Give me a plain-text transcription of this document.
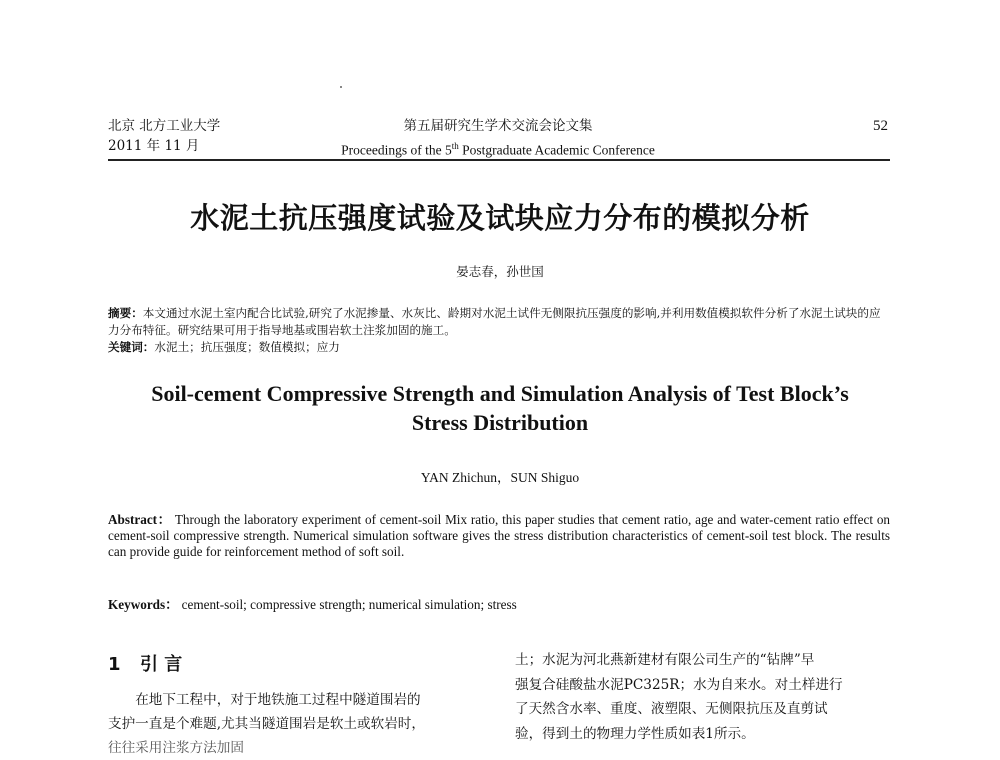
北京 北方工业大学
2011 年 11 月
第五届研究生学术交流会论文集
Proceedings of the 5th Postgraduate Academic Conference
52
水泥土抗压强度试验及试块应力分布的模拟分析
晏志春，孙世国
摘要：本文通过水泥土室内配合比试验,研究了水泥掺量、水灰比、龄期对水泥土试件无侧限抗压强度的影响,并利用数值模拟软件分析了水泥土试块的应力分布特征。研究结果可用于指导地基或围岩软土注浆加固的施工。
关键词：水泥土；抗压强度；数值模拟；应力
Soil-cement Compressive Strength and Simulation Analysis of Test Block’s
Stress Distribution
YAN Zhichun，SUN Shiguo
Abstract： Through the laboratory experiment of cement-soil Mix ratio, this paper studies that cement ratio, age and water-cement ratio effect on cement-soil compressive strength. Numerical simulation software gives the stress distribution characteristics of cement-soil test block. The results can provide guide for reinforcement method of soft soil.
Keywords： cement-soil; compressive strength; numerical simulation; stress
1 引 言

在地下工程中，对于地铁施工过程中隧道围岩的

支护一直是个难题,尤其当隧道围岩是软土或软岩时，
往往采用注浆方法加固

土；水泥为河北燕新建材有限公司生产的“钻牌”早

强复合硅酸盐水泥PC325R；水为自来水。对土样进行

了天然含水率、重度、液塑限、无侧限抗压及直剪试

验，得到土的物理力学性质如表1所示。
